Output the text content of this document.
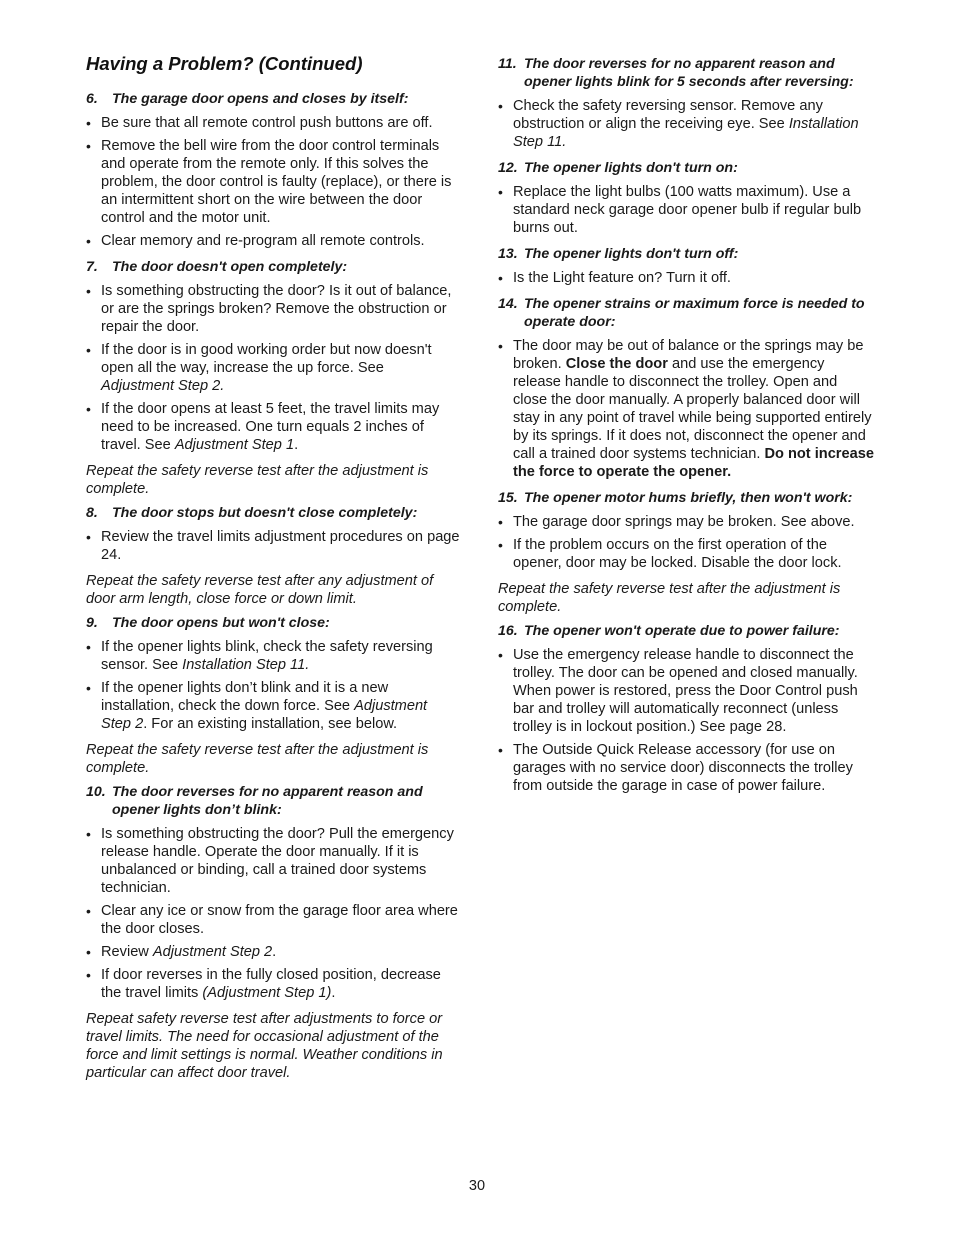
Having a Problem? (Continued)

6. The garage door opens and closes by itself:

• Be sure that all remote control push buttons are off.
• Remove the bell wire from the door control terminals and operate from the remote only. If this solves the problem, the door control is faulty (replace), or there is an intermittent short on the wire between the door control and the motor unit.
• Clear memory and re-program all remote controls.

7. The door doesn't open completely:

• Is something obstructing the door? Is it out of balance, or are the springs broken? Remove the obstruction or repair the door.
• If the door is in good working order but now doesn't open all the way, increase the up force. See Adjustment Step 2.
• If the door opens at least 5 feet, the travel limits may need to be increased. One turn equals 2 inches of travel. See Adjustment Step 1.

Repeat the safety reverse test after the adjustment is complete.

8. The door stops but doesn't close completely:

• Review the travel limits adjustment procedures on page 24.

Repeat the safety reverse test after any adjustment of door arm length, close force or down limit.

9. The door opens but won't close:

• If the opener lights blink, check the safety reversing sensor. See Installation Step 11.
• If the opener lights don’t blink and it is a new installation, check the down force. See Adjustment Step 2. For an existing installation, see below.

Repeat the safety reverse test after the adjustment is complete.

10. The door reverses for no apparent reason and opener lights don’t blink:

• Is something obstructing the door? Pull the emergency release handle. Operate the door manually. If it is unbalanced or binding, call a trained door systems technician.
• Clear any ice or snow from the garage floor area where the door closes.
• Review Adjustment Step 2.
• If door reverses in the fully closed position, decrease the travel limits (Adjustment Step 1).

Repeat safety reverse test after adjustments to force or travel limits. The need for occasional adjustment of the force and limit settings is normal. Weather conditions in particular can affect door travel.

11. The door reverses for no apparent reason and opener lights blink for 5 seconds after reversing:

• Check the safety reversing sensor. Remove any obstruction or align the receiving eye. See Installation Step 11.

12. The opener lights don't turn on:

• Replace the light bulbs (100 watts maximum). Use a standard neck garage door opener bulb if regular bulb burns out.

13. The opener lights don't turn off:

• Is the Light feature on? Turn it off.

14. The opener strains or maximum force is needed to operate door:

• The door may be out of balance or the springs may be broken. Close the door and use the emergency release handle to disconnect the trolley. Open and close the door manually. A properly balanced door will stay in any point of travel while being supported entirely by its springs. If it does not, disconnect the opener and call a trained door systems technician. Do not increase the force to operate the opener.

15. The opener motor hums briefly, then won't work:

• The garage door springs may be broken. See above.
• If the problem occurs on the first operation of the opener, door may be locked. Disable the door lock.

Repeat the safety reverse test after the adjustment is complete.

16. The opener won't operate due to power failure:

• Use the emergency release handle to disconnect the trolley. The door can be opened and closed manually. When power is restored, press the Door Control push bar and trolley will automatically reconnect (unless trolley is in lockout position.) See page 28.
• The Outside Quick Release accessory (for use on garages with no service door) disconnects the trolley from outside the garage in case of power failure.
30
